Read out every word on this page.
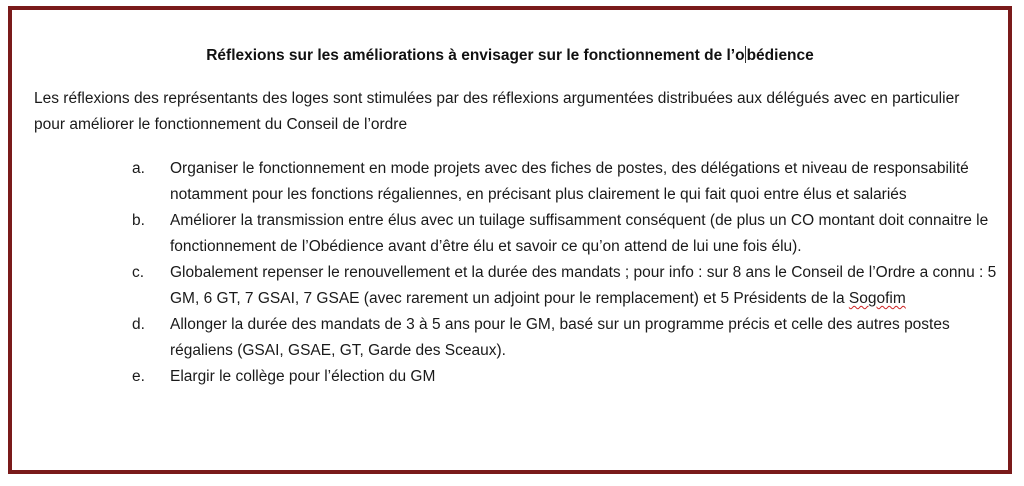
Réflexions sur les améliorations à envisager sur le fonctionnement de l’o bédience
Les réflexions des représentants des loges sont stimulées par des réflexions argumentées distribuées aux délégués avec en particulier pour améliorer le fonctionnement du Conseil de l’ordre
a.	Organiser le fonctionnement en mode projets avec des fiches de postes, des délégations et niveau de responsabilité notamment pour les fonctions régaliennes, en précisant plus clairement le qui fait quoi entre élus et salariés
b.	Améliorer la transmission entre élus avec un tuilage suffisamment conséquent (de plus un CO montant doit connaitre le fonctionnement de l’Obédience avant d’être élu et savoir ce qu’on attend de lui une fois élu).
c.	Globalement repenser le renouvellement et la durée des mandats ; pour info : sur 8 ans le Conseil de l’Ordre a connu : 5 GM, 6 GT, 7 GSAI, 7 GSAE (avec rarement un adjoint pour le remplacement) et 5 Présidents de la Sogofim
d.	Allonger la durée des mandats de 3 à 5 ans pour le GM, basé sur un programme précis et celle des autres postes régaliens (GSAI, GSAE, GT, Garde des Sceaux).
e.	Elargir le collège pour l’élection du GM
